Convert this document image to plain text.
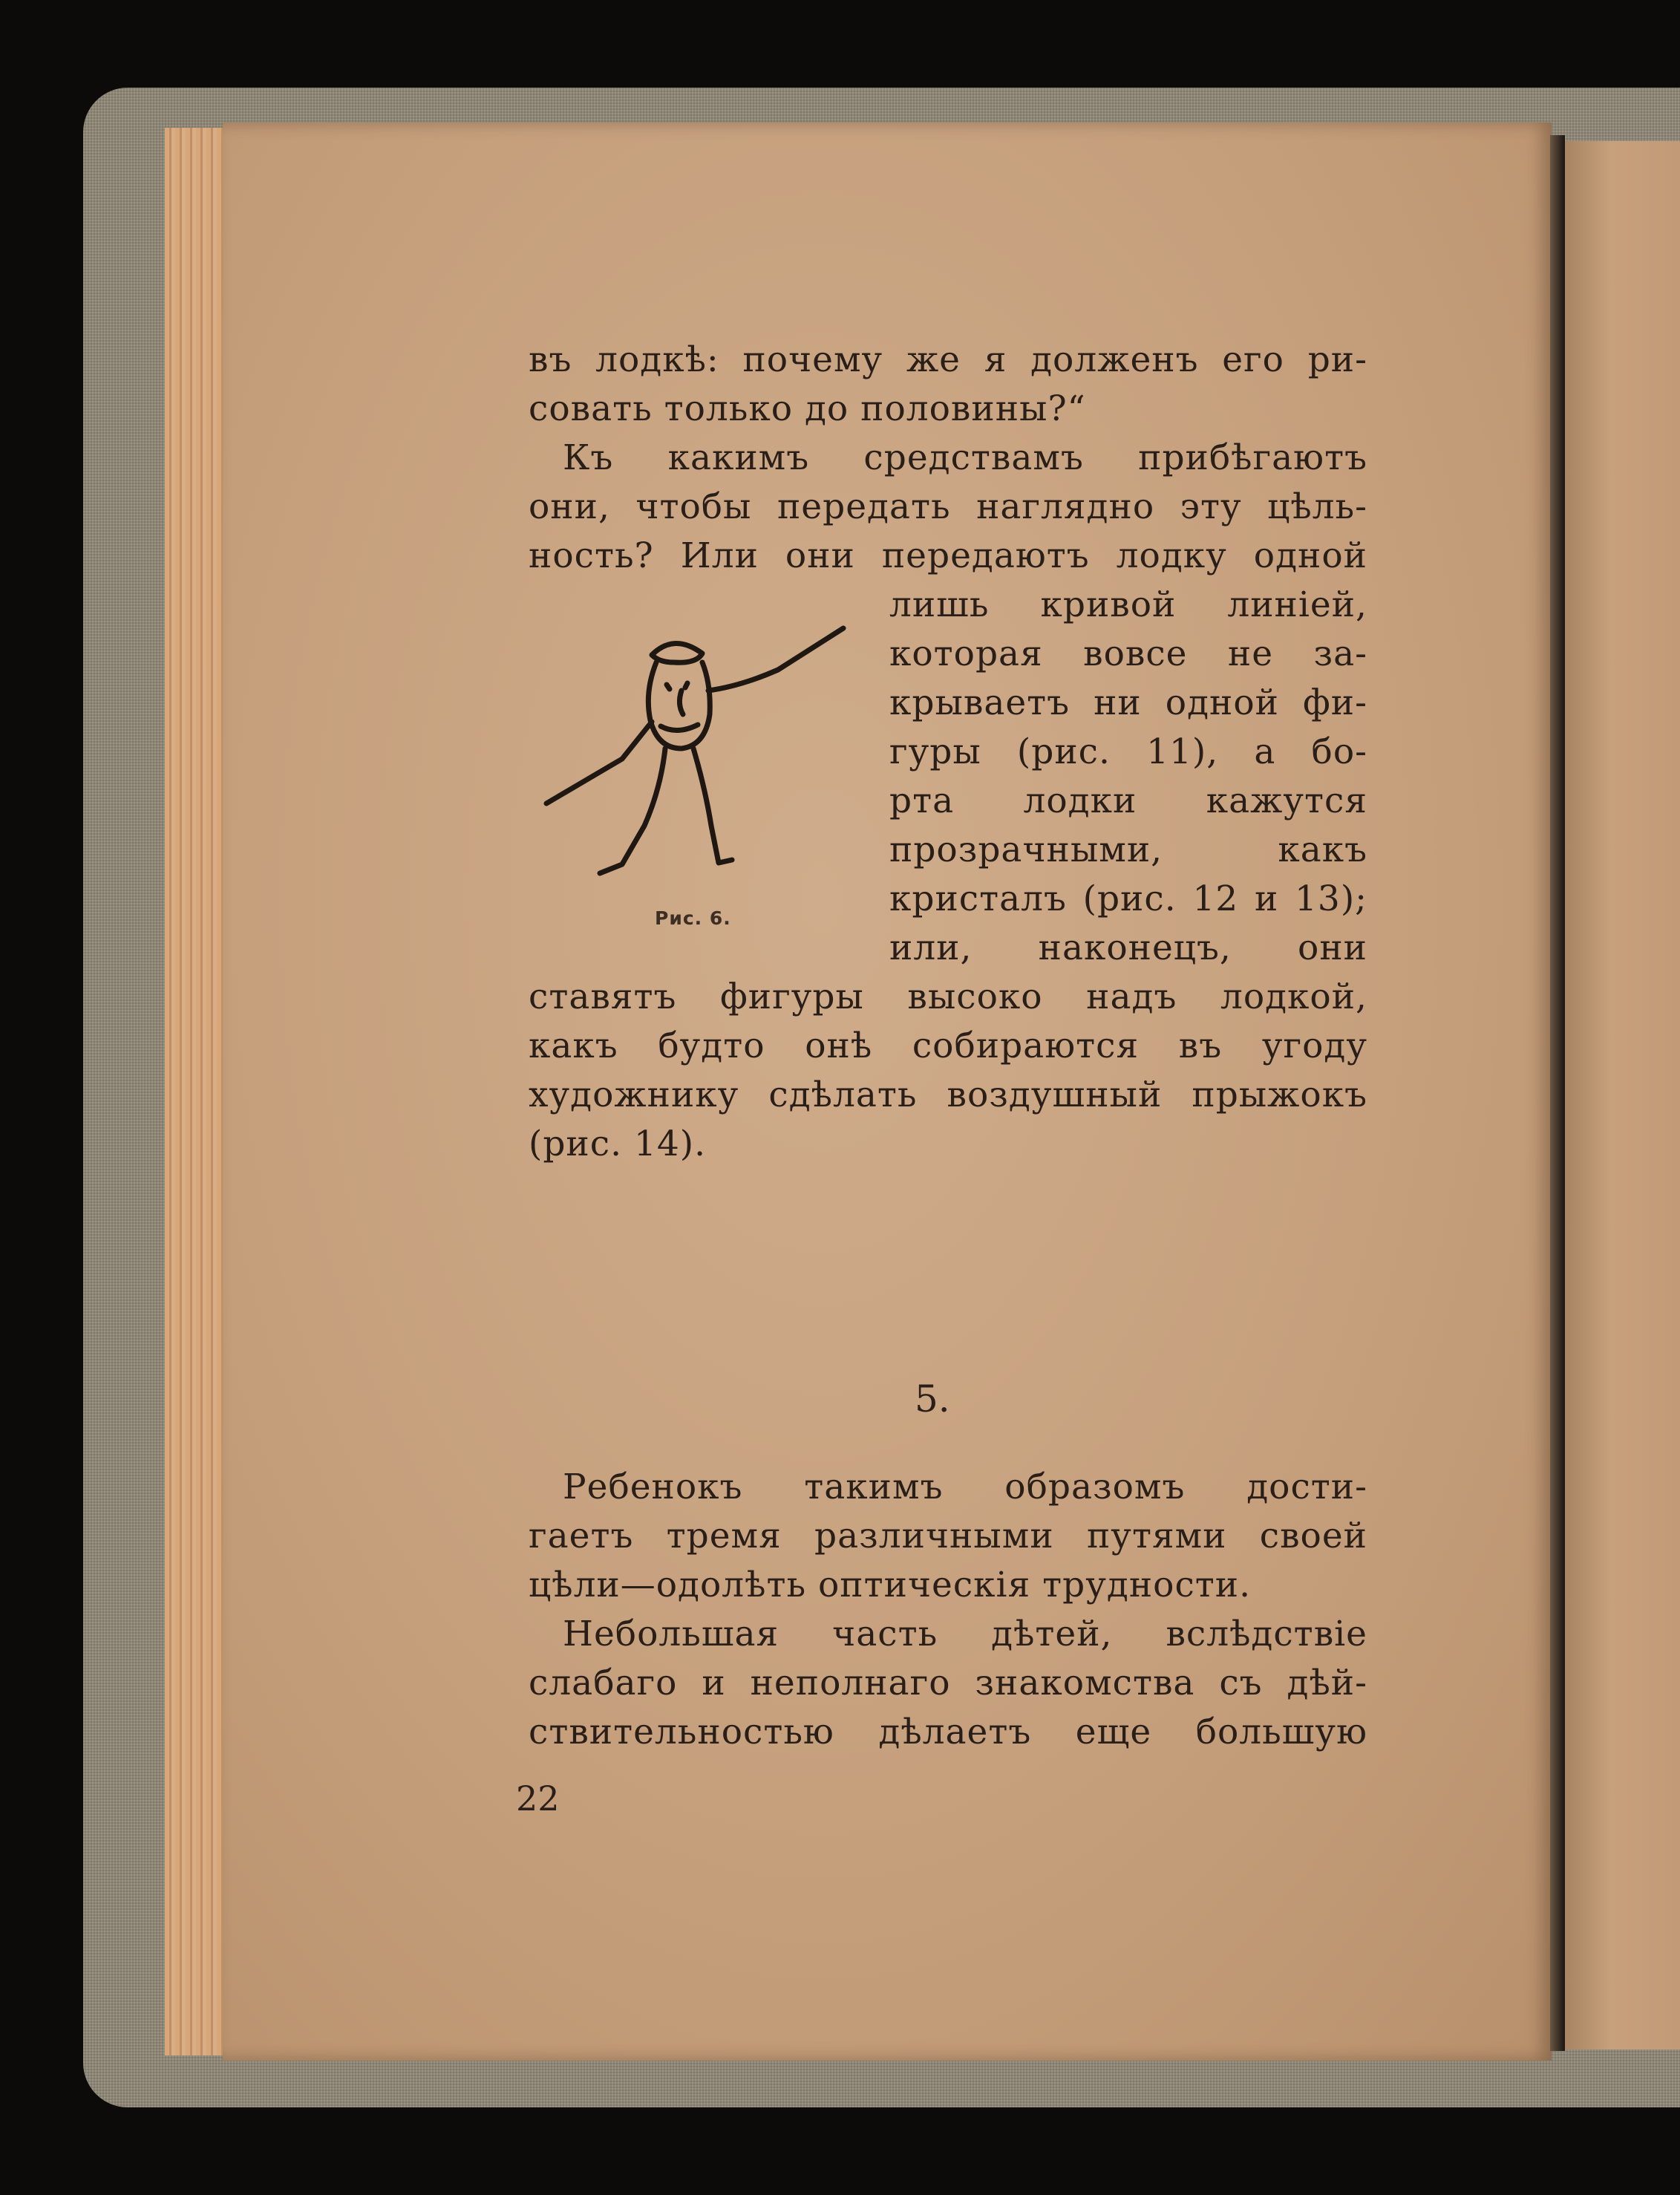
въ лодкѣ: почему же я долженъ его ри-
совать только до половины?“
Къ какимъ средствамъ прибѣгаютъ
они, чтобы передать наглядно эту цѣль-
ность? Или они передаютъ лодку одной
Рис. 6.
лишь кривой линіей,
которая вовсе не за-
крываетъ ни одной фи-
гуры (рис. 11), а бо-
рта лодки кажутся
прозрачными, какъ
кристалъ (рис. 12 и 13);
или, наконецъ, они
ставятъ фигуры высоко надъ лодкой,
какъ будто онѣ собираются въ угоду
художнику сдѣлать воздушный прыжокъ
(рис. 14).
5.
Ребенокъ такимъ образомъ дости-
гаетъ тремя различными путями своей
цѣли—одолѣть оптическія трудности.
Небольшая часть дѣтей, вслѣдствіе
слабаго и неполнаго знакомства съ дѣй-
ствительностью дѣлаетъ еще большую
22
